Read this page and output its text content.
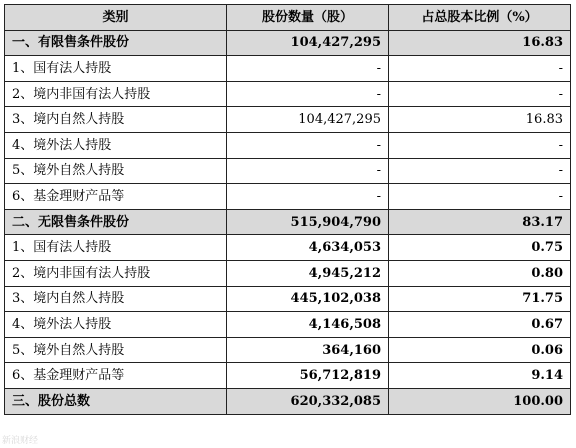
类别	股份数量（股）	占总股本比例（%）
一、有限售条件股份	104,427,295	16.83
1、国有法人持股	-	-
2、境内非国有法人持股	-	-
3、境内自然人持股	104,427,295	16.83
4、境外法人持股	-	-
5、境外自然人持股	-	-
6、基金理财产品等	-	-
二、无限售条件股份	515,904,790	83.17
1、国有法人持股	4,634,053	0.75
2、境内非国有法人持股	4,945,212	0.80
3、境内自然人持股	445,102,038	71.75
4、境外法人持股	4,146,508	0.67
5、境外自然人持股	364,160	0.06
6、基金理财产品等	56,712,819	9.14
三、股份总数	620,332,085	100.00
新浪财经
